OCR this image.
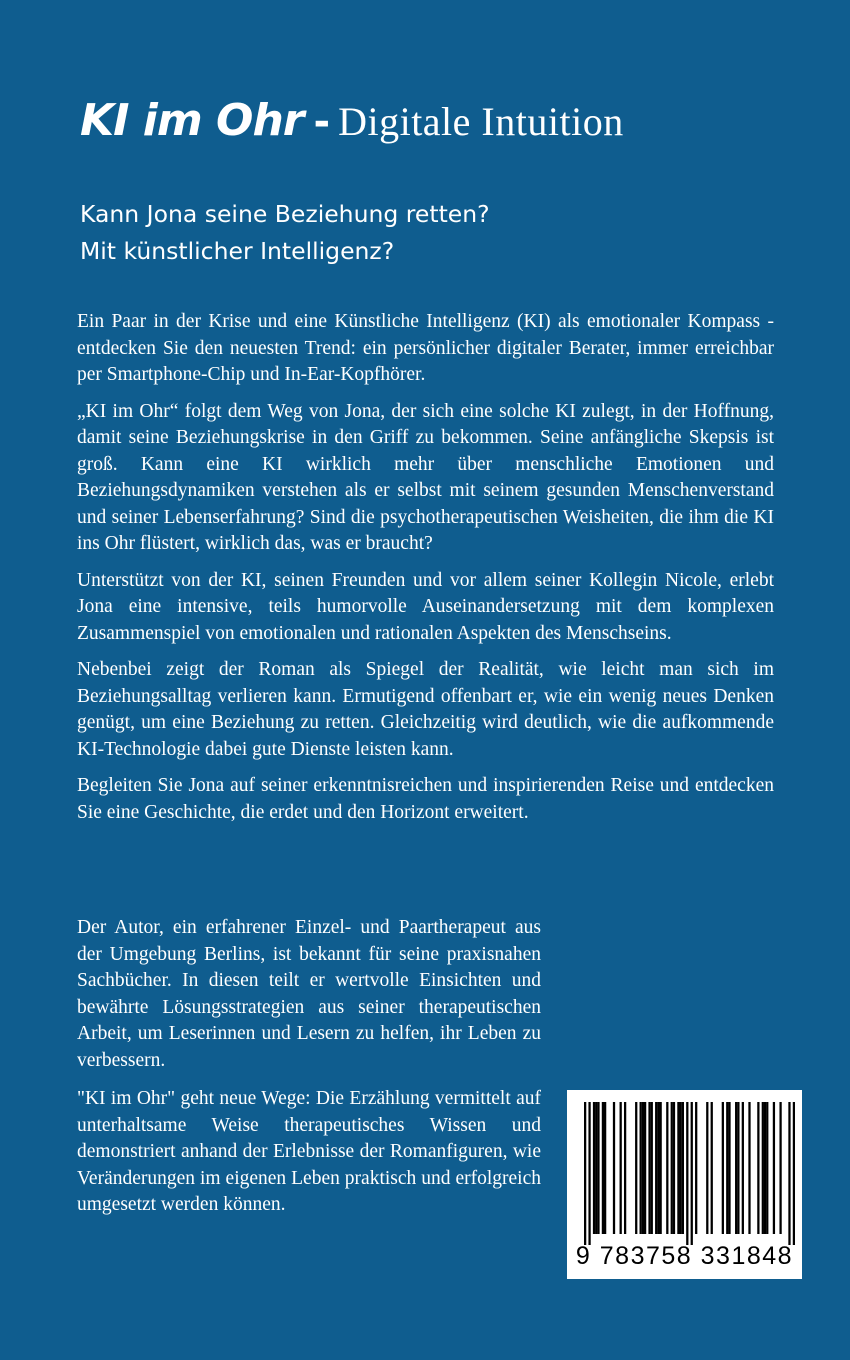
KI im Ohr - Digitale Intuition
Kann Jona seine Beziehung retten?
Mit künstlicher Intelligenz?

Ein Paar in der Krise und eine Künstliche Intelligenz (KI) als emotionaler Kompass - entdecken Sie den neuesten Trend: ein persönlicher digitaler Berater, immer erreichbar per Smartphone-Chip und In-Ear-Kopfhörer.

„KI im Ohr“ folgt dem Weg von Jona, der sich eine solche KI zulegt, in der Hoffnung, damit seine Beziehungskrise in den Griff zu bekommen. Seine anfängliche Skepsis ist groß. Kann eine KI wirklich mehr über menschliche Emotionen und Beziehungsdynamiken verstehen als er selbst mit seinem gesunden Menschenverstand und seiner Lebenserfahrung? Sind die psychotherapeutischen Weisheiten, die ihm die KI ins Ohr flüstert, wirklich das, was er braucht?

Unterstützt von der KI, seinen Freunden und vor allem seiner Kollegin Nicole, erlebt Jona eine intensive, teils humorvolle Auseinandersetzung mit dem komplexen Zusammenspiel von emotionalen und rationalen Aspekten des Menschseins.

Nebenbei zeigt der Roman als Spiegel der Realität, wie leicht man sich im Beziehungsalltag verlieren kann. Ermutigend offenbart er, wie ein wenig neues Denken genügt, um eine Beziehung zu retten. Gleichzeitig wird deutlich, wie die aufkommende KI-Technologie dabei gute Dienste leisten kann.

Begleiten Sie Jona auf seiner erkenntnisreichen und inspirierenden Reise und entdecken Sie eine Geschichte, die erdet und den Horizont erweitert.

Der Autor, ein erfahrener Einzel- und Paartherapeut aus der Umgebung Berlins, ist bekannt für seine praxisnahen Sachbücher. In diesen teilt er wertvolle Einsichten und bewährte Lösungsstrategien aus seiner therapeutischen Arbeit, um Leserinnen und Lesern zu helfen, ihr Leben zu verbessern.

"KI im Ohr" geht neue Wege: Die Erzählung vermittelt auf unterhaltsame Weise therapeutisches Wissen und demonstriert anhand der Erlebnisse der Romanfiguren, wie Veränderungen im eigenen Leben praktisch und erfolgreich umgesetzt werden können.

9 783758 331848
